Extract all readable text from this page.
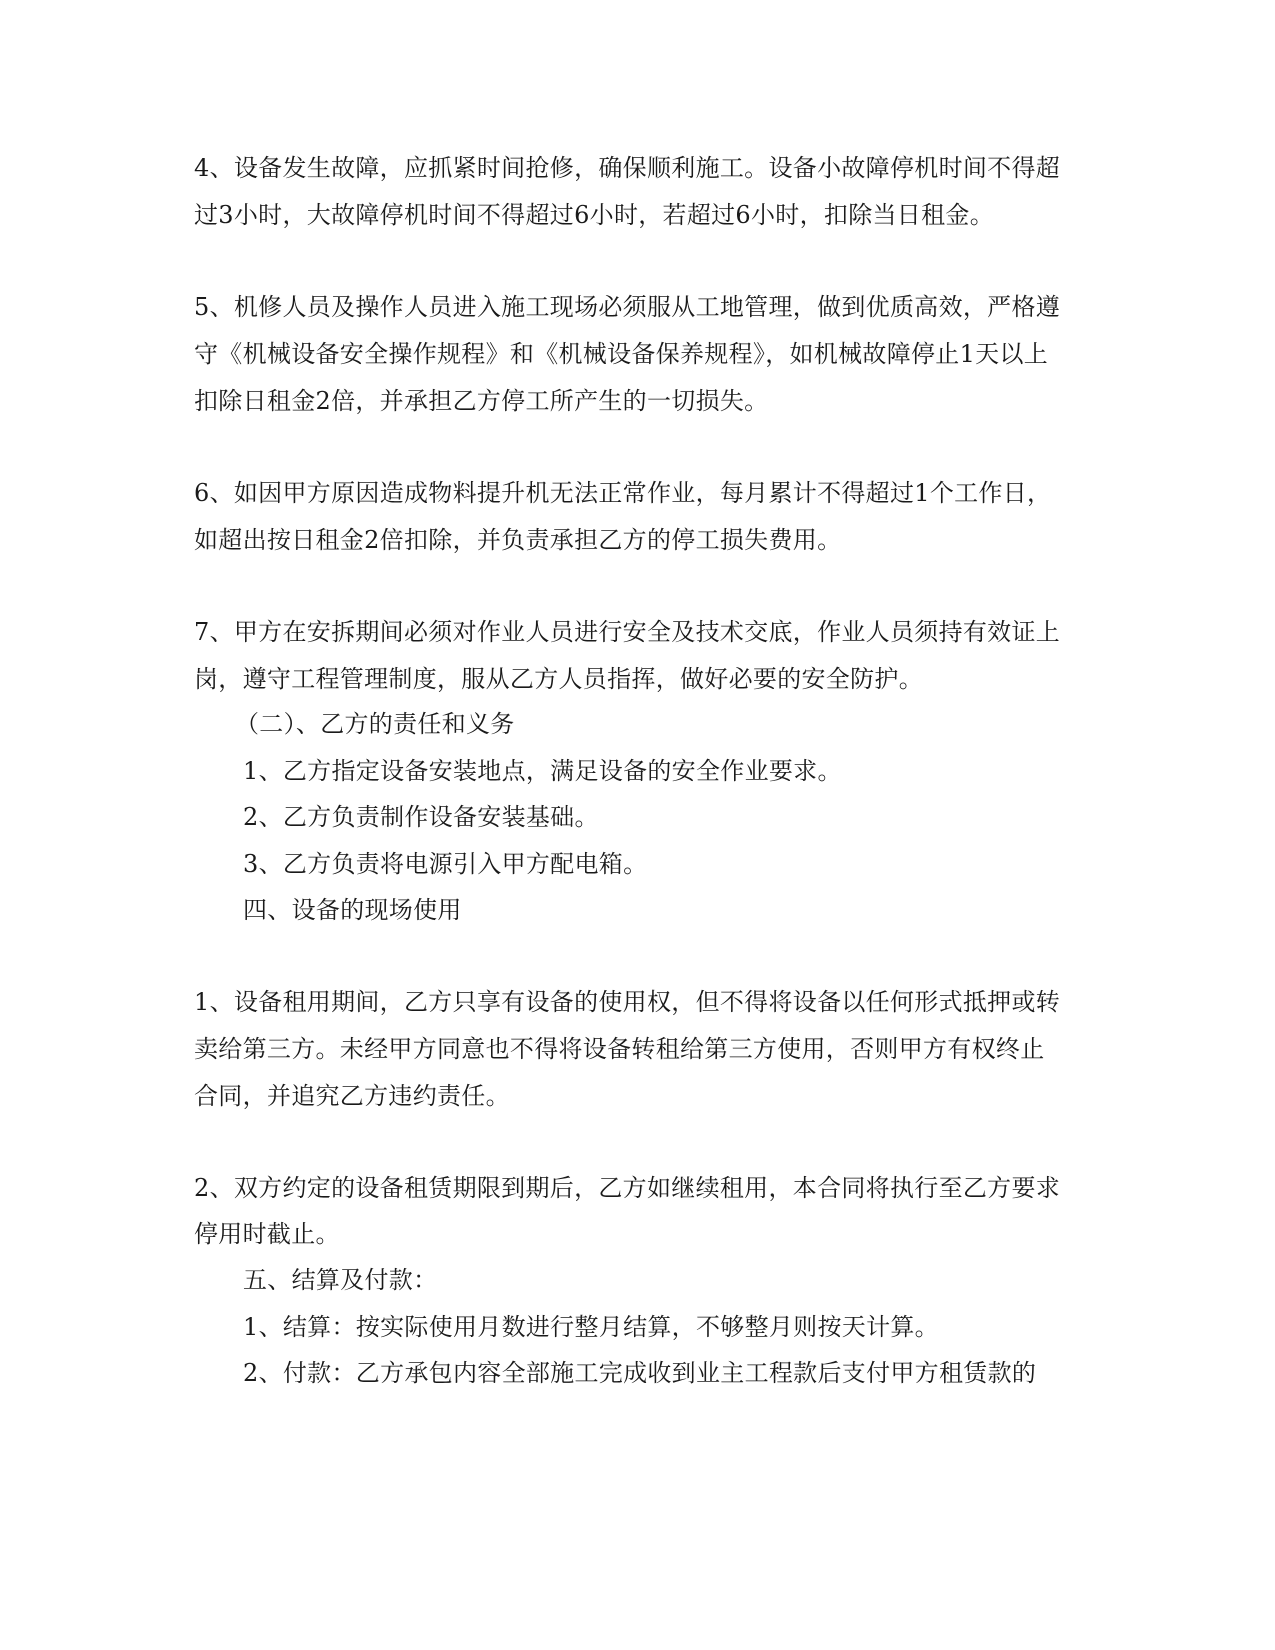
4、设备发生故障，应抓紧时间抢修，确保顺利施工。设备小故障停机时间不得超
过3小时，大故障停机时间不得超过6小时，若超过6小时，扣除当日租金。
5、机修人员及操作人员进入施工现场必须服从工地管理，做到优质高效，严格遵
守《机械设备安全操作规程》和《机械设备保养规程》，如机械故障停止1天以上
扣除日租金2倍，并承担乙方停工所产生的一切损失。
6、如因甲方原因造成物料提升机无法正常作业，每月累计不得超过1个工作日，
如超出按日租金2倍扣除，并负责承担乙方的停工损失费用。
7、甲方在安拆期间必须对作业人员进行安全及技术交底，作业人员须持有效证上
岗，遵守工程管理制度，服从乙方人员指挥，做好必要的安全防护。
（二）、乙方的责任和义务
1、乙方指定设备安装地点，满足设备的安全作业要求。
2、乙方负责制作设备安装基础。
3、乙方负责将电源引入甲方配电箱。
四、设备的现场使用
1、设备租用期间，乙方只享有设备的使用权，但不得将设备以任何形式抵押或转
卖给第三方。未经甲方同意也不得将设备转租给第三方使用，否则甲方有权终止
合同，并追究乙方违约责任。
2、双方约定的设备租赁期限到期后，乙方如继续租用，本合同将执行至乙方要求
停用时截止。
五、结算及付款：
1、结算：按实际使用月数进行整月结算，不够整月则按天计算。
2、付款：乙方承包内容全部施工完成收到业主工程款后支付甲方租赁款的
